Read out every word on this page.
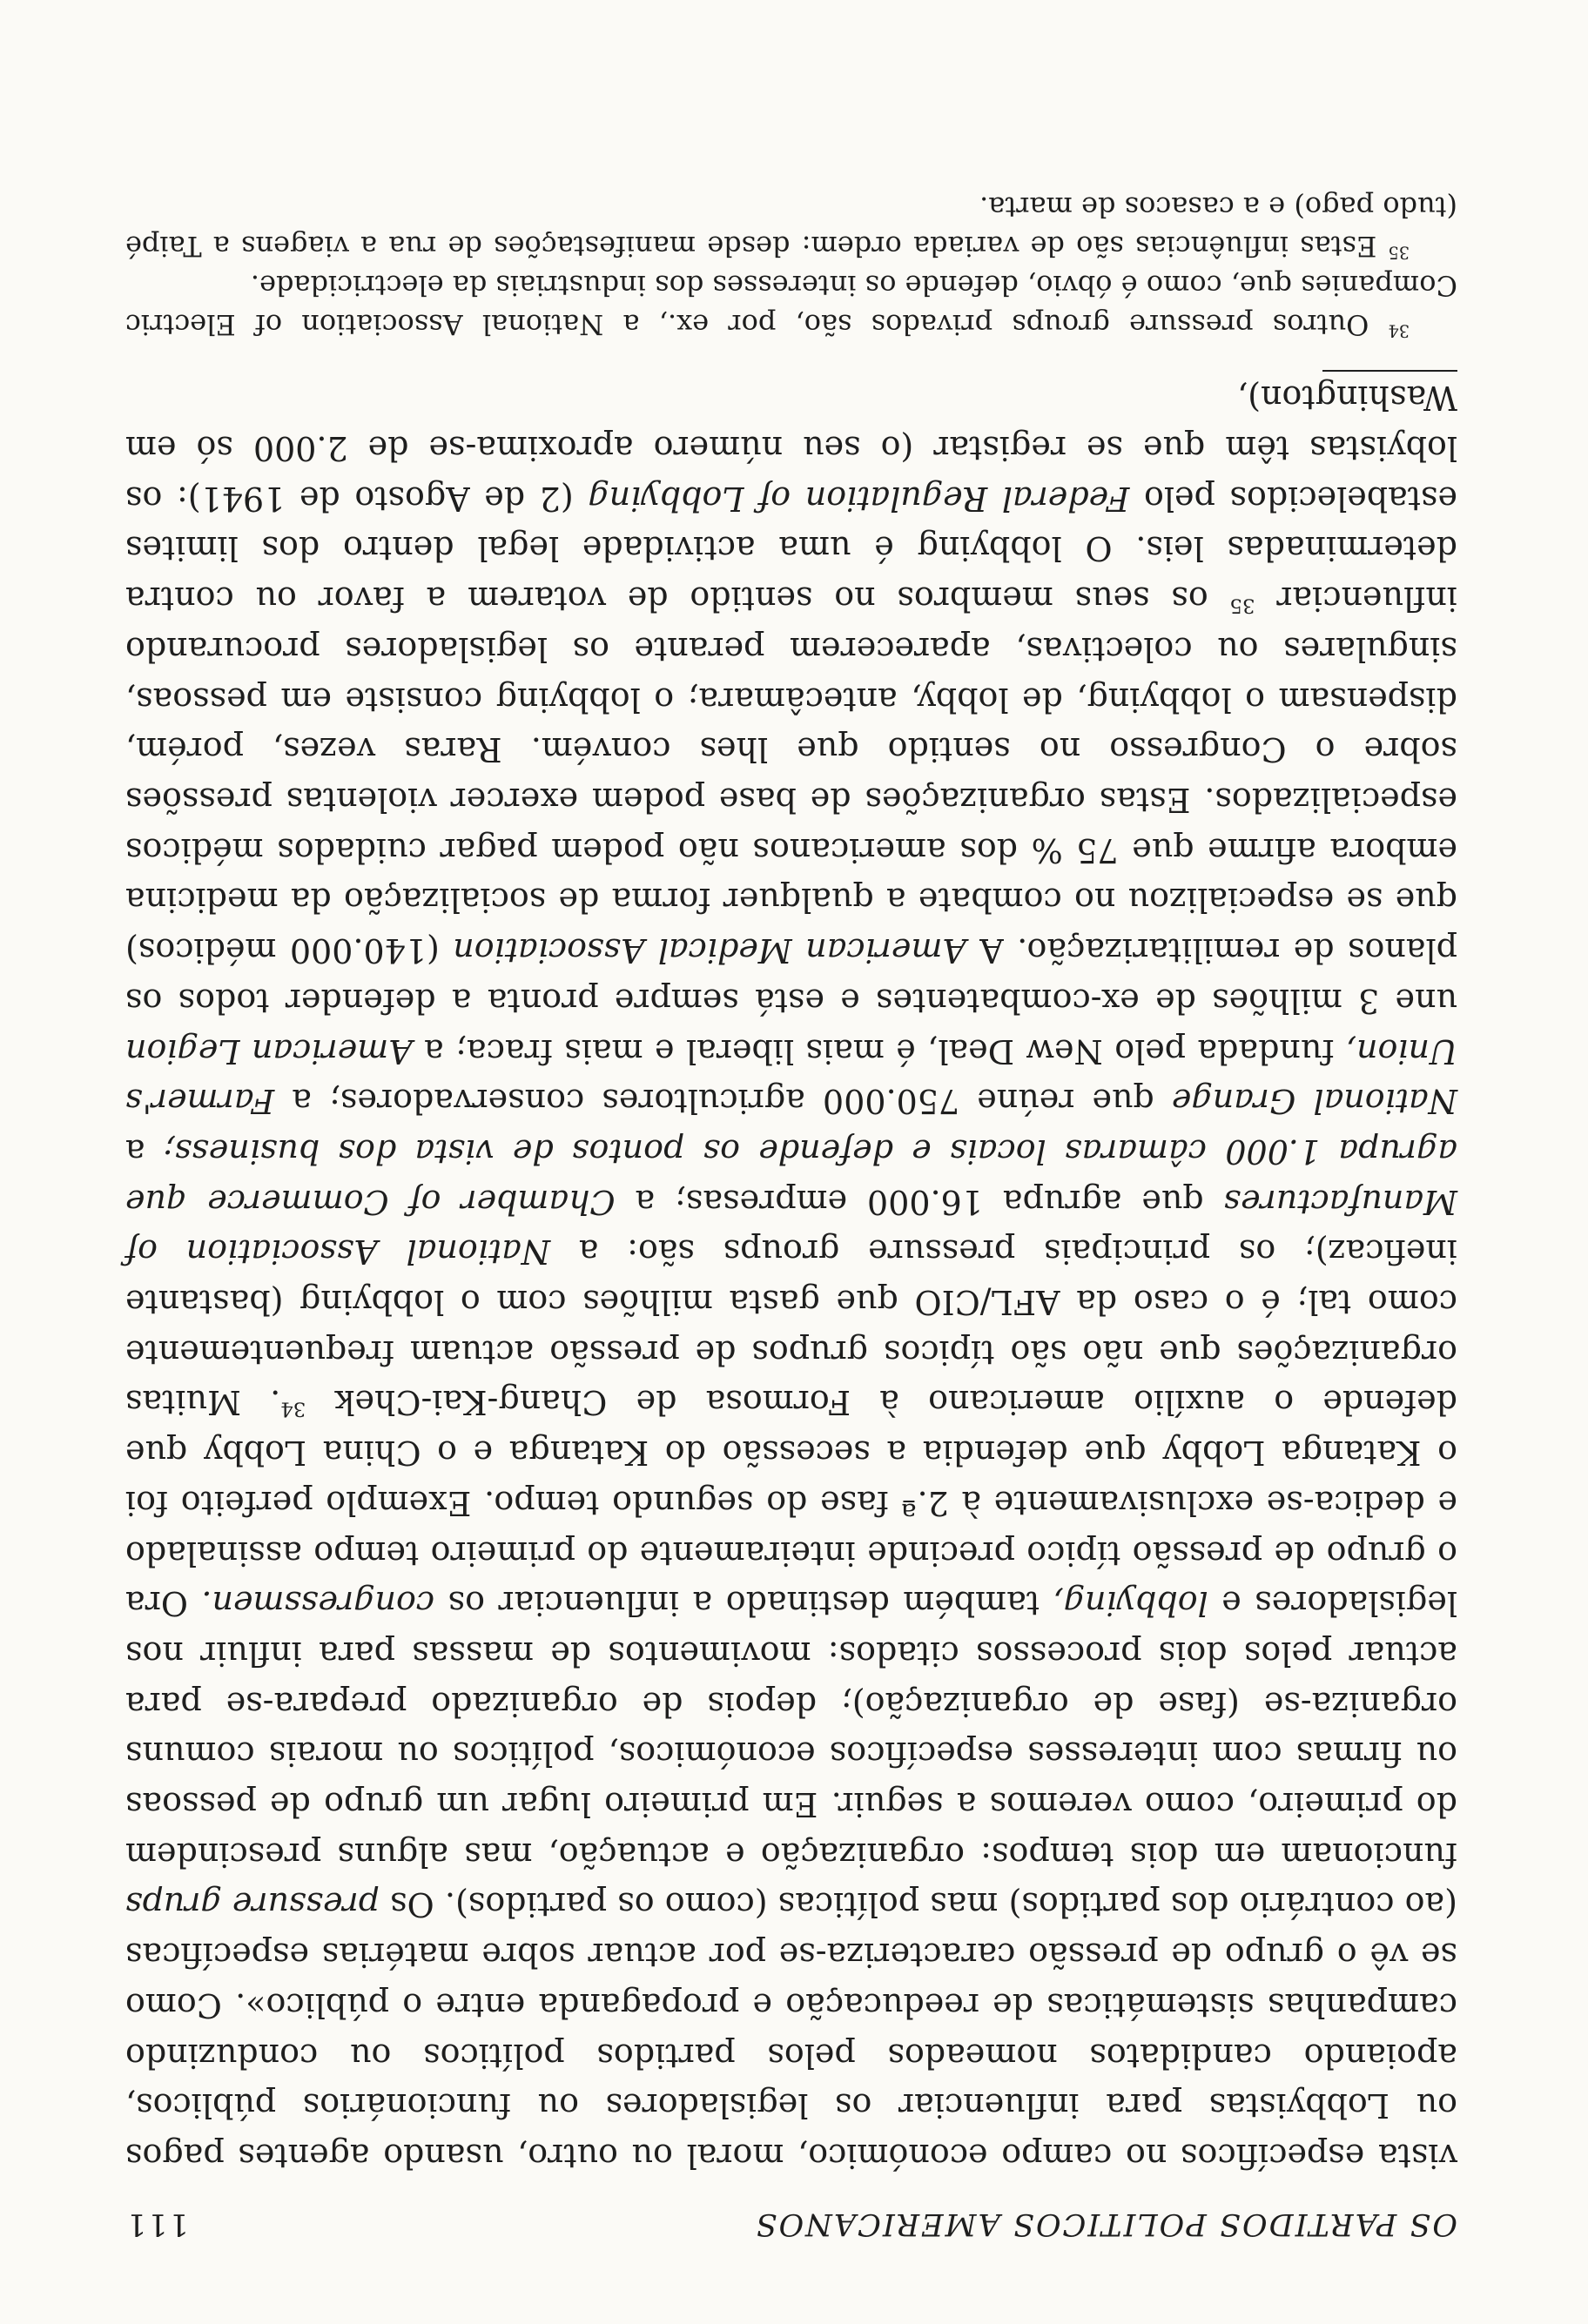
OS PARTIDOS POLITICOS AMERICANOS
111

vista específicos no campo económico, moral ou outro, usando agentes pagos ou Lobbyistas para influenciar os legisladores ou funcionários públicos, apoiando candidatos nomeados pelos partidos políticos ou conduzindo campanhas sistemáticas de reeducação e propaganda entre o público». Como se vê o grupo de pressão caracteriza-se por actuar sobre matérias específicas (ao contrário dos partidos) mas políticas (como os partidos). Os pressure grups funcionam em dois tempos: organização e actuação, mas alguns prescindem do primeiro, como veremos a seguir. Em primeiro lugar um grupo de pessoas ou firmas com interesses específicos económicos, políticos ou morais comuns organiza-se (fase de organização); depois de organizado prepara-se para actuar pelos dois processos citados: movimentos de massas para influir nos legisladores e lobbying, também destinado a influenciar os congressmen. Ora o grupo de pressão típico precinde inteiramente do primeiro tempo assinalado e dedica-se exclusivamente à 2.ª fase do segundo tempo. Exemplo perfeito foi o Katanga Lobby que defendia a secessão do Katanga e o China Lobby que defende o auxílio americano à Formosa de Chang-Kai-Chek $^{34}$. Muitas organizações que não são típicos grupos de pressão actuam frequentemente como tal; é o caso da AFL/CIO que gasta milhões com o lobbying (bastante ineficaz); os principais pressure groups são: a National Association of Manufactures que agrupa 16.000 empresas; a Chamber of Commerce que agrupa 1.000 câmaras locais e defende os pontos de vista dos business; a National Grange que reúne 750.000 agricultores conservadores; a Farmer's Union, fundada pelo New Deal, é mais liberal e mais fraca; a American Legion une 3 milhões de ex-combatentes e está sempre pronta a defender todos os planos de remilitarização. A American Medical Association (140.000 médicos) que se especializou no combate a qualquer forma de socialização da medicina embora afirme que 75 % dos americanos não podem pagar cuidados médicos especializados. Estas organizações de base podem exercer violentas pressões sobre o Congresso no sentido que lhes convém. Raras vezes, porém, dispensam o lobbying, de lobby, antecâmara; o lobbying consiste em pessoas, singulares ou colectivas, aparecerem perante os legisladores procurando influenciar $^{35}$ os seus membros no sentido de votarem a favor ou contra determinadas leis. O lobbying é uma actividade legal dentro dos limites estabelecidos pelo Federal Regulation of Lobbying (2 de Agosto de 1941): os lobyistas têm que se registar (o seu número aproxima-se de 2.000 só em Washington),

$^{34}$ Outros pressure groups privados são, por ex., a National Association of Electric Companies que, como é óbvio, defende os interesses dos industriais da electricidade.

$^{35}$ Estas influências são de variada ordem: desde manifestações de rua a viagens a Taipé (tudo pago) e a casacos de marta.
